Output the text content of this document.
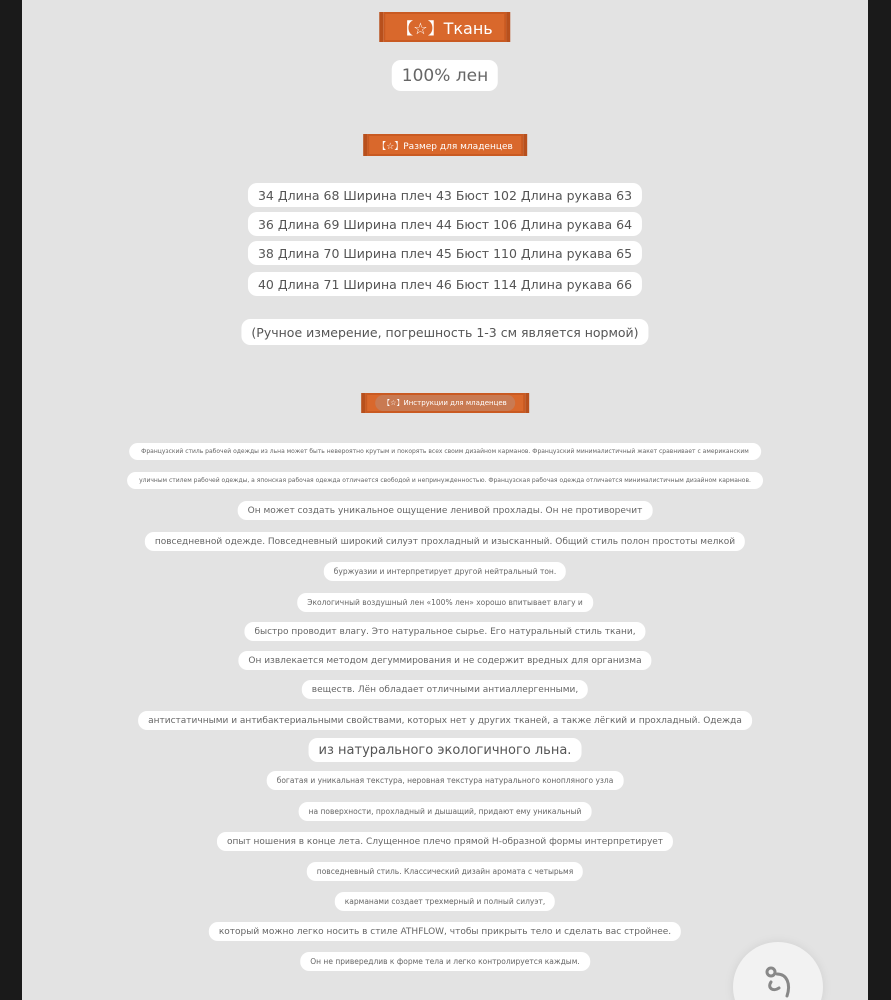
【☆】Ткань
100% лен
【☆】Размер для младенцев
34 Длина 68 Ширина плеч 43 Бюст 102 Длина рукава 63
36 Длина 69 Ширина плеч 44 Бюст 106 Длина рукава 64
38 Длина 70 Ширина плеч 45 Бюст 110 Длина рукава 65
40 Длина 71 Ширина плеч 46 Бюст 114 Длина рукава 66
(Ручное измерение, погрешность 1-3 см является нормой)
【☆】Инструкции для младенцев
Французский стиль рабочей одежды из льна может быть невероятно крутым и покорять всех своим дизайном карманов. Французский минималистичный жакет сравнивает с американским
уличным стилем рабочей одежды, а японская рабочая одежда отличается свободой и непринужденностью. Французская рабочая одежда отличается минималистичным дизайном карманов.
Он может создать уникальное ощущение ленивой прохлады. Он не противоречит
повседневной одежде. Повседневный широкий силуэт прохладный и изысканный. Общий стиль полон простоты мелкой
буржуазии и интерпретирует другой нейтральный тон.
Экологичный воздушный лен «100% лен» хорошо впитывает влагу и
быстро проводит влагу. Это натуральное сырье. Его натуральный стиль ткани,
Он извлекается методом дегуммирования и не содержит вредных для организма
веществ. Лён обладает отличными антиаллергенными,
антистатичными и антибактериальными свойствами, которых нет у других тканей, а также лёгкий и прохладный. Одежда
из натурального экологичного льна.
богатая и уникальная текстура, неровная текстура натурального конопляного узла
на поверхности, прохладный и дышащий, придают ему уникальный
опыт ношения в конце лета. Слущенное плечо прямой Н-образной формы интерпретирует
повседневный стиль. Классический дизайн аромата с четырьмя
карманами создает трехмерный и полный силуэт,
который можно легко носить в стиле ATHFLOW, чтобы прикрыть тело и сделать вас стройнее.
Он не привередлив к форме тела и легко контролируется каждым.
